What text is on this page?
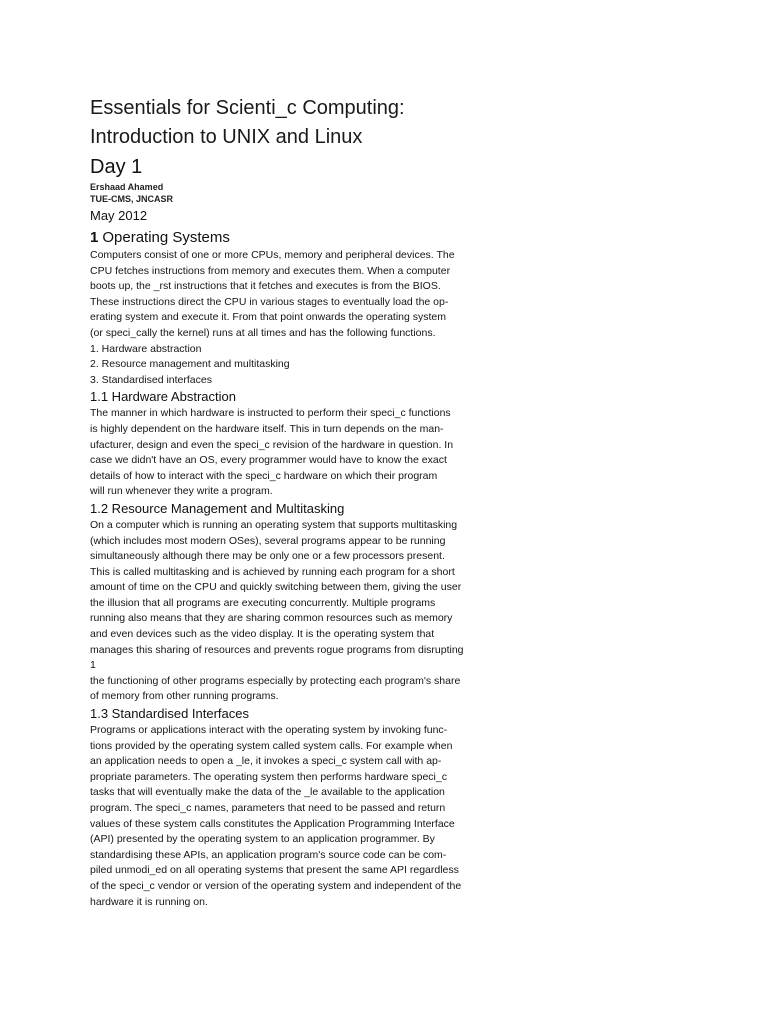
Essentials for Scienti_c Computing:
Introduction to UNIX and Linux
Day 1

Ershaad Ahamed

TUE-CMS, JNCASR

May 2012

1 Operating Systems

Computers consist of one or more CPUs, memory and peripheral devices. The

CPU fetches instructions from memory and executes them. When a computer

boots up, the _rst instructions that it fetches and executes is from the BIOS.

These instructions direct the CPU in various stages to eventually load the op-

erating system and execute it. From that point onwards the operating system

(or speci_cally the kernel) runs at all times and has the following functions.

1. Hardware abstraction

2. Resource management and multitasking

3. Standardised interfaces

1.1 Hardware Abstraction

The manner in which hardware is instructed to perform their speci_c functions

is highly dependent on the hardware itself. This in turn depends on the man-

ufacturer, design and even the speci_c revision of the hardware in question. In

case we didn't have an OS, every programmer would have to know the exact

details of how to interact with the speci_c hardware on which their program

will run whenever they write a program.

1.2 Resource Management and Multitasking

On a computer which is running an operating system that supports multitasking

(which includes most modern OSes), several programs appear to be running

simultaneously although there may be only one or a few processors present.

This is called multitasking and is achieved by running each program for a short

amount of time on the CPU and quickly switching between them, giving the user

the illusion that all programs are executing concurrently. Multiple programs

running also means that they are sharing common resources such as memory

and even devices such as the video display. It is the operating system that

manages this sharing of resources and prevents rogue programs from disrupting

1

the functioning of other programs especially by protecting each program's share

of memory from other running programs.

1.3 Standardised Interfaces

Programs or applications interact with the operating system by invoking func-

tions provided by the operating system called system calls. For example when

an application needs to open a _le, it invokes a speci_c system call with ap-

propriate parameters. The operating system then performs hardware speci_c

tasks that will eventually make the data of the _le available to the application

program. The speci_c names, parameters that need to be passed and return

values of these system calls constitutes the Application Programming Interface

(API) presented by the operating system to an application programmer. By

standardising these APIs, an application program's source code can be com-

piled unmodi_ed on all operating systems that present the same API regardless

of the speci_c vendor or version of the operating system and independent of the

hardware it is running on.
